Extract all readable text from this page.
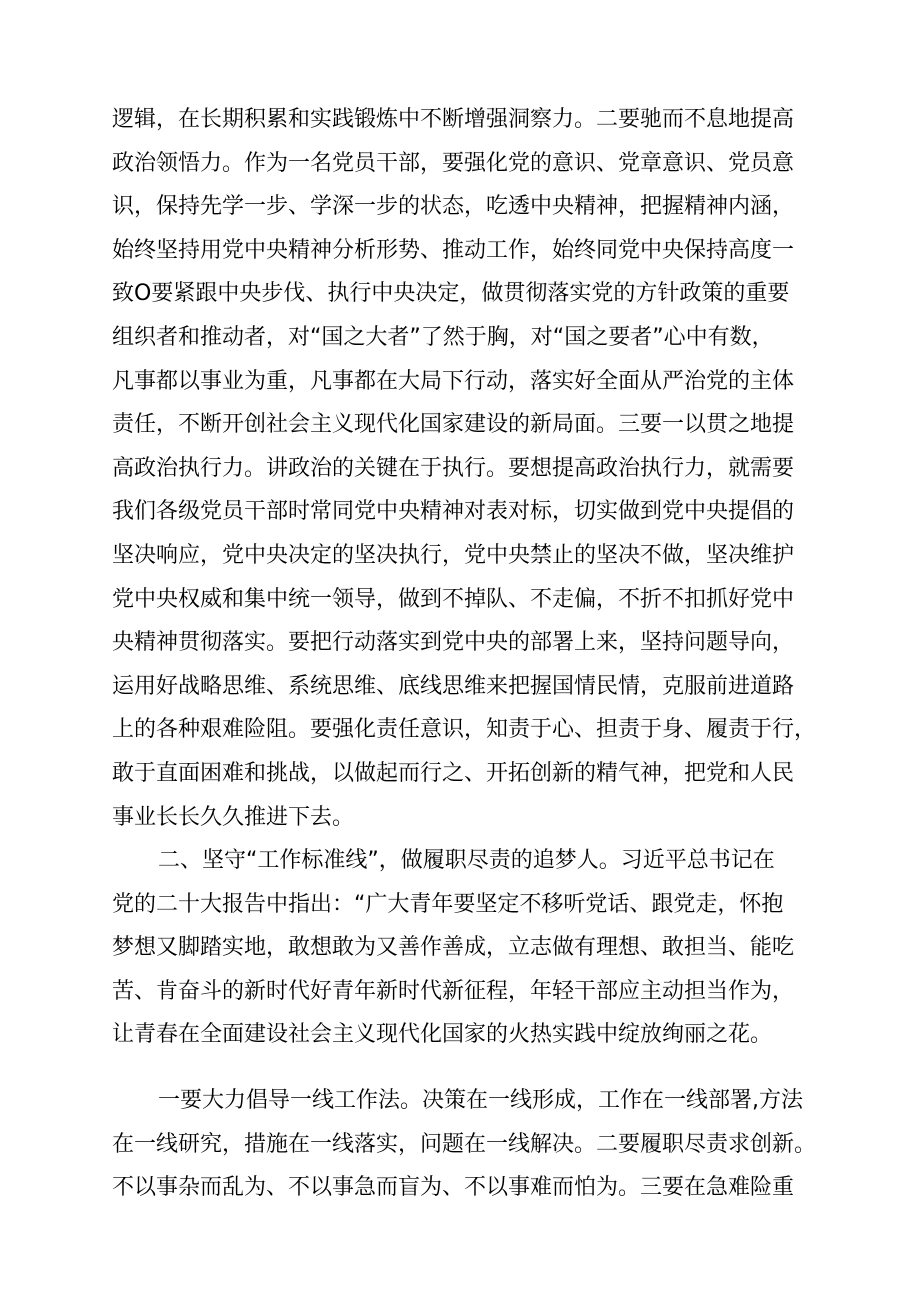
逻辑，在长期积累和实践锻炼中不断增强洞察力。二要驰而不息地提高
政治领悟力。作为一名党员干部，要强化党的意识、党章意识、党员意
识，保持先学一步、学深一步的状态，吃透中央精神，把握精神内涵，
始终坚持用党中央精神分析形势、推动工作，始终同党中央保持高度一
致O要紧跟中央步伐、执行中央决定，做贯彻落实党的方针政策的重要
组织者和推动者，对“国之大者”了然于胸，对“国之要者”心中有数，
凡事都以事业为重，凡事都在大局下行动，落实好全面从严治党的主体
责任，不断开创社会主义现代化国家建设的新局面。三要一以贯之地提
高政治执行力。讲政治的关键在于执行。要想提高政治执行力，就需要
我们各级党员干部时常同党中央精神对表对标，切实做到党中央提倡的
坚决响应，党中央决定的坚决执行，党中央禁止的坚决不做，坚决维护
党中央权威和集中统一领导，做到不掉队、不走偏，不折不扣抓好党中
央精神贯彻落实。要把行动落实到党中央的部署上来，坚持问题导向，
运用好战略思维、系统思维、底线思维来把握国情民情，克服前进道路
上的各种艰难险阻。要强化责任意识，知责于心、担责于身、履责于行，
敢于直面困难和挑战，以做起而行之、开拓创新的精气神，把党和人民
事业长长久久推进下去。
二、坚守“工作标准线”，做履职尽责的追梦人。习近平总书记在
党的二十大报告中指出：“广大青年要坚定不移听党话、跟党走，怀抱
梦想又脚踏实地，敢想敢为又善作善成，立志做有理想、敢担当、能吃
苦、肯奋斗的新时代好青年新时代新征程，年轻干部应主动担当作为，
让青春在全面建设社会主义现代化国家的火热实践中绽放绚丽之花。
一要大力倡导一线工作法。决策在一线形成，工作在一线部署,方法
在一线研究，措施在一线落实，问题在一线解决。二要履职尽责求创新。
不以事杂而乱为、不以事急而盲为、不以事难而怕为。三要在急难险重
